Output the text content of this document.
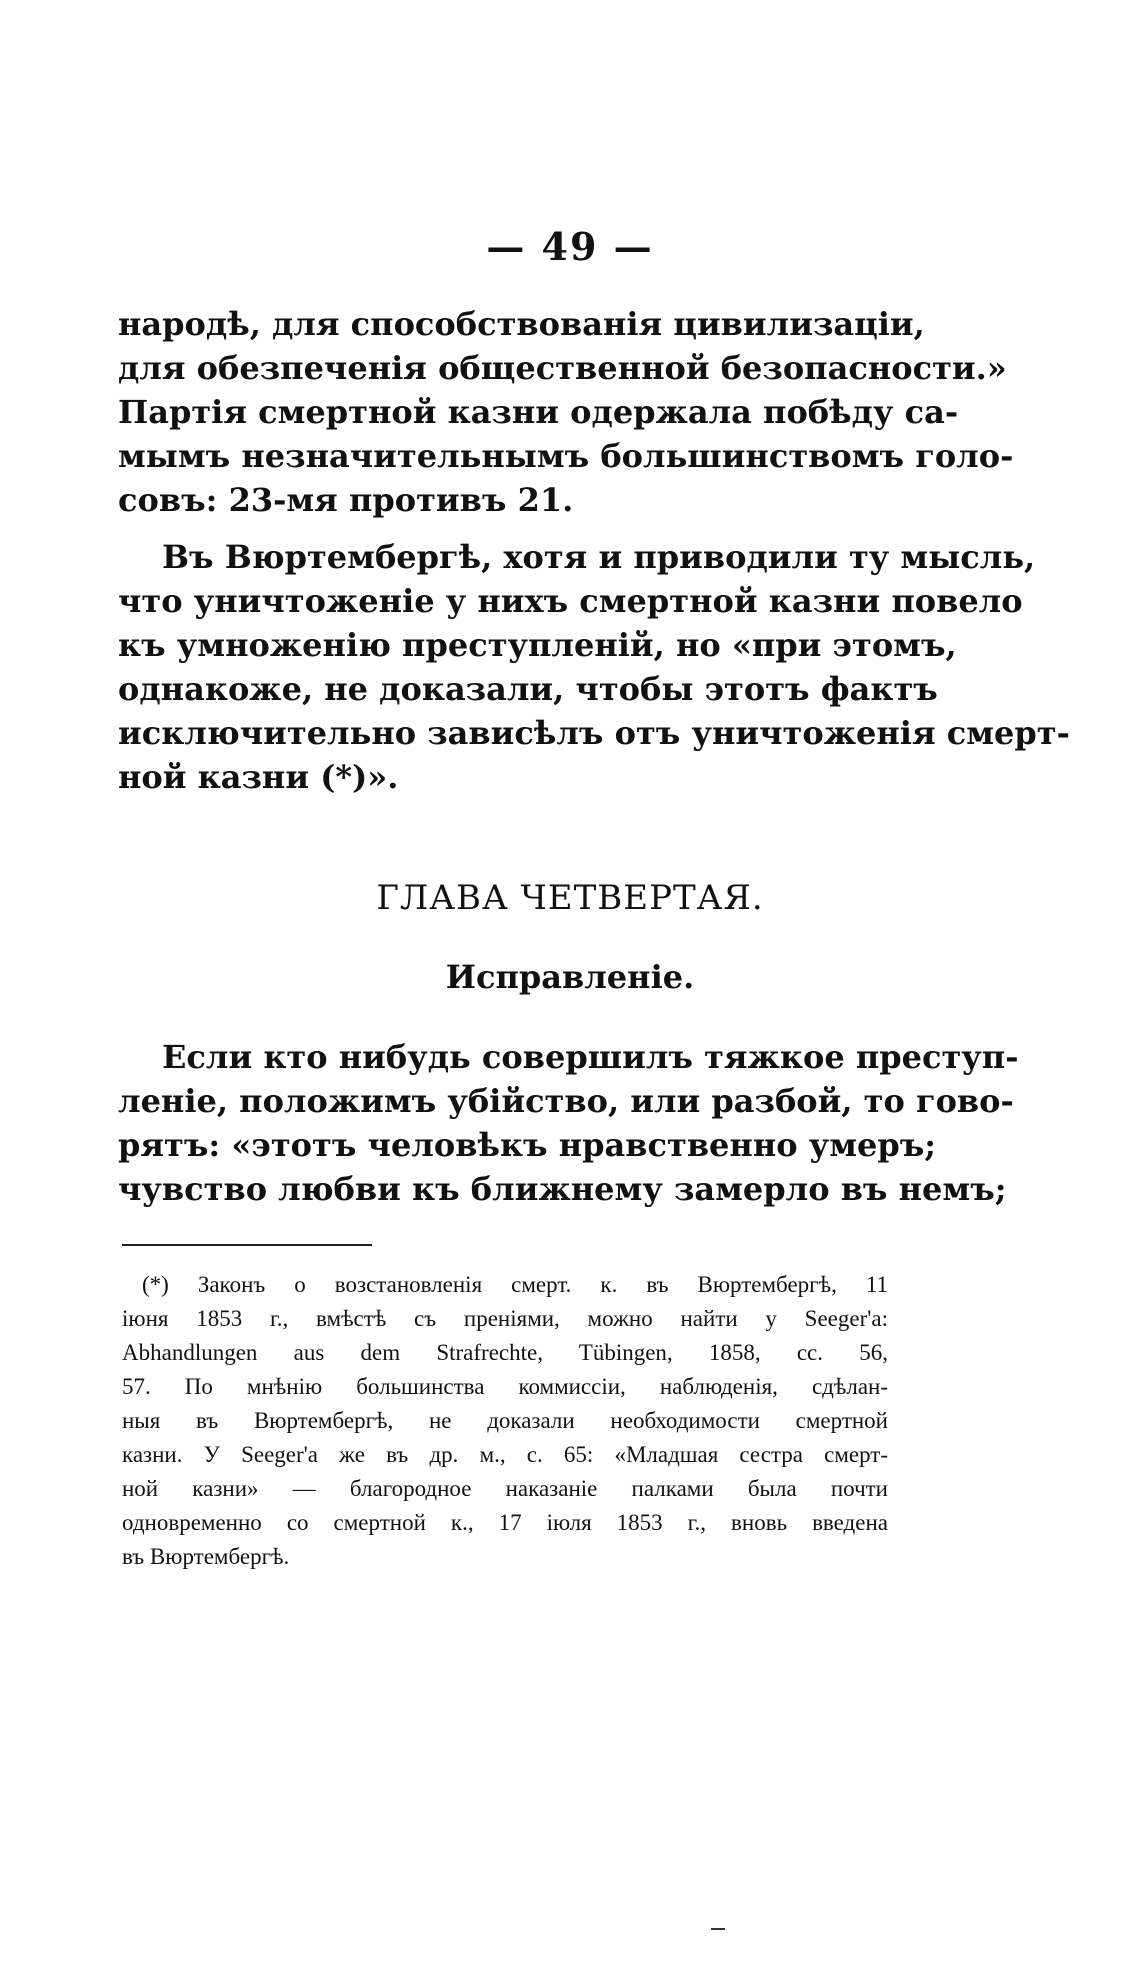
— 49 —
народѣ, для способствованія цивилизаціи,
для обезпеченія общественной безопасности.»
Партія смертной казни одержала побѣду са-
мымъ незначительнымъ большинствомъ голо-
совъ: 23-мя противъ 21.
Въ Вюртембергѣ, хотя и приводили ту мысль,
что уничтоженіе у нихъ смертной казни повело
къ умноженію преступленій, но «при этомъ,
однакоже, не доказали, чтобы этотъ фактъ
исключительно зависѣлъ отъ уничтоженія смерт-
ной казни (*)».
ГЛАВА ЧЕТВЕРТАЯ.
Исправленіе.
Если кто нибудь совершилъ тяжкое преступ-
леніе, положимъ убійство, или разбой, то гово-
рятъ: «этотъ человѣкъ нравственно умеръ;
чувство любви къ ближнему замерло въ немъ;
(*) Законъ о возстановленія смерт. к. въ Вюртембергѣ, 11
іюня 1853 г., вмѣстѣ съ преніями, можно найти у Seeger'a:
Abhandlungen aus dem Strafrechte, Tübingen, 1858, сс. 56,
57. По мнѣнію большинства коммиссіи, наблюденія, сдѣлан-
ныя въ Вюртембергѣ, не доказали необходимости смертной
казни. У Seeger'а же въ др. м., с. 65: «Младшая сестра смерт-
ной казни» — благородное наказаніе палками была почти
одновременно со смертной к., 17 іюля 1853 г., вновь введена
въ Вюртембергѣ.
